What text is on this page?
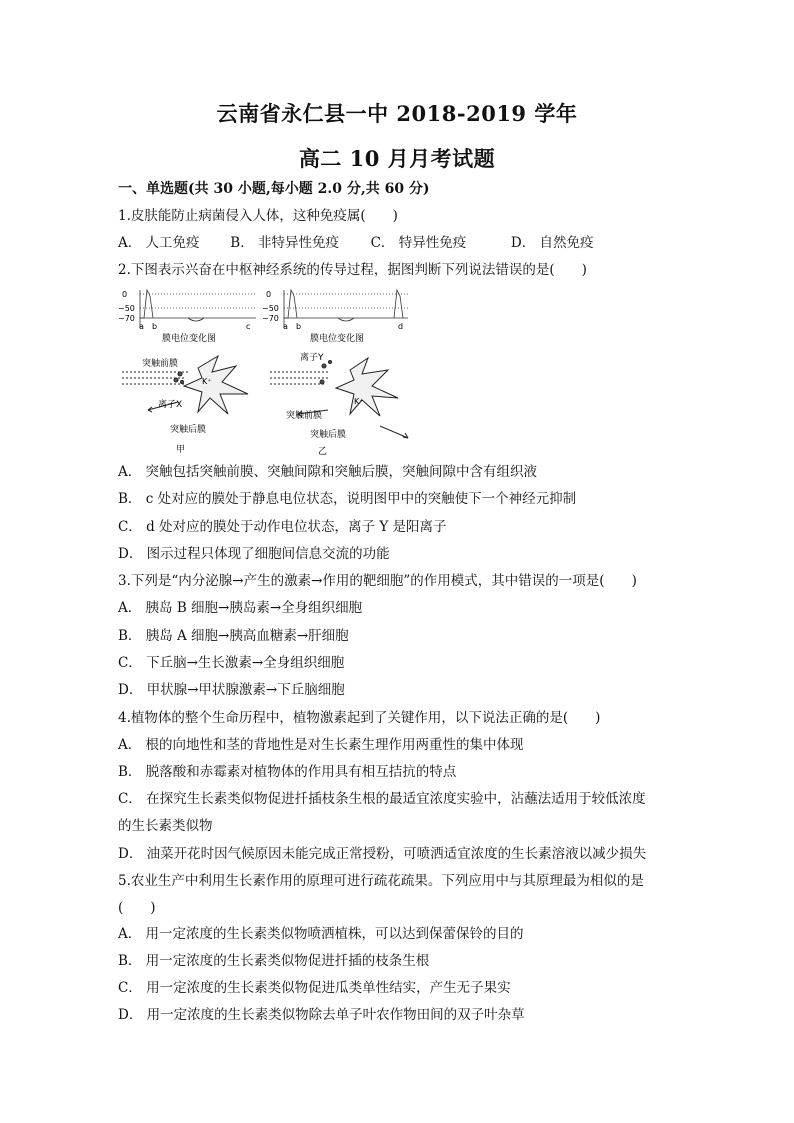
云南省永仁县一中 2018-2019 学年
高二 10 月月考试题
一、单选题(共 30 小题,每小题 2.0 分,共 60 分)
1.皮肤能防止病菌侵入人体，这种免疫属(　　)
A． 人工免疫 B． 非特异性免疫 C． 特异性免疫	D． 自然免疫
2.下图表示兴奋在中枢神经系统的传导过程，据图判断下列说法错误的是(　　)
0
−50
−70
a b	c
膜电位变化图
0
−50
−70
a b	d
膜电位变化图
突触前膜
K⁺
离子X
突触后膜
甲
离子Y
K⁺
突触前膜
突触后膜
乙
A． 突触包括突触前膜、突触间隙和突触后膜，突触间隙中含有组织液
B． c 处对应的膜处于静息电位状态，说明图甲中的突触使下一个神经元抑制
C． d 处对应的膜处于动作电位状态，离子 Y 是阳离子
D． 图示过程只体现了细胞间信息交流的功能
3.下列是“内分泌腺→产生的激素→作用的靶细胞”的作用模式，其中错误的一项是(　　)
A． 胰岛 B 细胞→胰岛素→全身组织细胞
B． 胰岛 A 细胞→胰高血糖素→肝细胞
C． 下丘脑→生长激素→全身组织细胞
D． 甲状腺→甲状腺激素→下丘脑细胞
4.植物体的整个生命历程中，植物激素起到了关键作用，以下说法正确的是(　　)
A． 根的向地性和茎的背地性是对生长素生理作用两重性的集中体现
B． 脱落酸和赤霉素对植物体的作用具有相互拮抗的特点
C． 在探究生长素类似物促进扦插枝条生根的最适宜浓度实验中，沾蘸法适用于较低浓度
的生长素类似物
D． 油菜开花时因气候原因未能完成正常授粉，可喷洒适宜浓度的生长素溶液以减少损失
5.农业生产中利用生长素作用的原理可进行疏花疏果。下列应用中与其原理最为相似的是
(　　)
A． 用一定浓度的生长素类似物喷洒植株，可以达到保蕾保铃的目的
B． 用一定浓度的生长素类似物促进扦插的枝条生根
C． 用一定浓度的生长素类似物促进瓜类单性结实，产生无子果实
D． 用一定浓度的生长素类似物除去单子叶农作物田间的双子叶杂草
